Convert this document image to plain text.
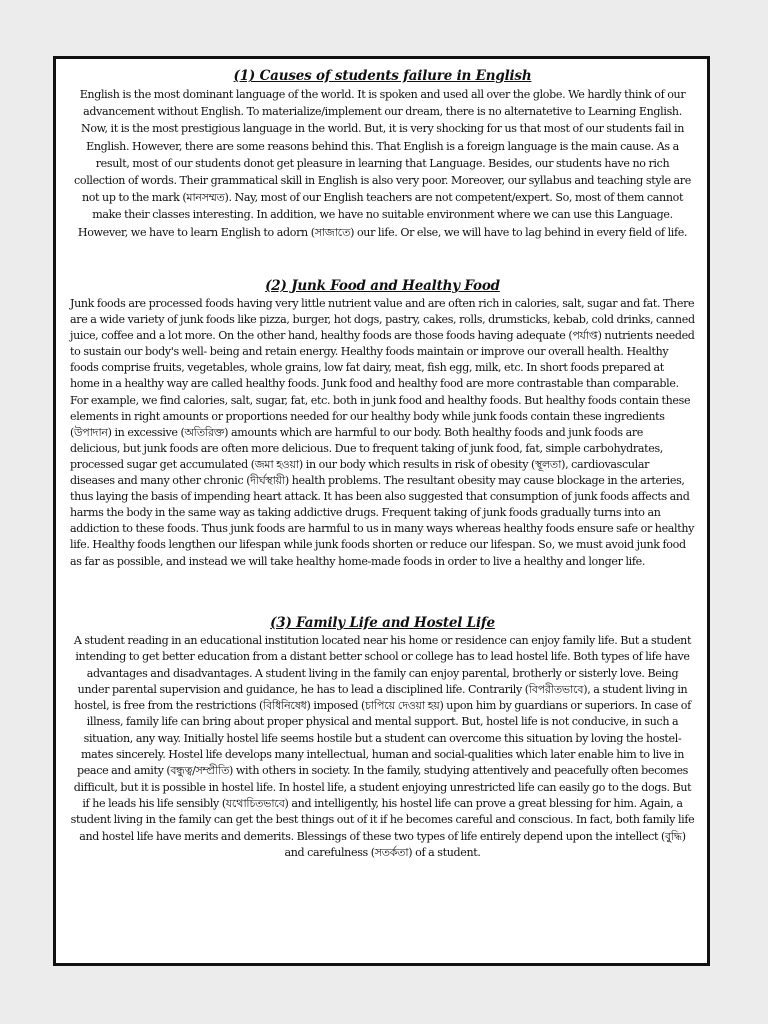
(1) Causes of students failure in English

English is the most dominant language of the world. It is spoken and used all over the globe. We hardly think of our advancement without English. To materialize/implement our dream, there is no alternatetive to Learning English. Now, it is the most prestigious language in the world. But, it is very shocking for us that most of our students fail in English. However, there are some reasons behind this. That English is a foreign language is the main cause. As a result, most of our students donot get pleasure in learning that Language. Besides, our students have no rich collection of words. Their grammatical skill in English is also very poor. Moreover, our syllabus and teaching style are not up to the mark (মানসম্মত). Nay, most of our English teachers are not competent/expert. So, most of them cannot make their classes interesting. In addition, we have no suitable environment where we can use this Language. However, we have to learn English to adorn (সাজাতে) our life. Or else, we will have to lag behind in every field of life.

(2) Junk Food and Healthy Food

Junk foods are processed foods having very little nutrient value and are often rich in calories, salt, sugar and fat. There are a wide variety of junk foods like pizza, burger, hot dogs, pastry, cakes, rolls, drumsticks, kebab, cold drinks, canned juice, coffee and a lot more. On the other hand, healthy foods are those foods having adequate (পর্যাপ্ত) nutrients needed to sustain our body's well- being and retain energy. Healthy foods maintain or improve our overall health. Healthy foods comprise fruits, vegetables, whole grains, low fat dairy, meat, fish egg, milk, etc. In short foods prepared at home in a healthy way are called healthy foods. Junk food and healthy food are more contrastable than comparable. For example, we find calories, salt, sugar, fat, etc. both in junk food and healthy foods. But healthy foods contain these elements in right amounts or proportions needed for our healthy body while junk foods contain these ingredients (উপাদান) in excessive (অতিরিক্ত) amounts which are harmful to our body. Both healthy foods and junk foods are delicious, but junk foods are often more delicious. Due to frequent taking of junk food, fat, simple carbohydrates, processed sugar get accumulated (জমা হওয়া) in our body which results in risk of obesity (স্থূলতা), cardiovascular diseases and many other chronic (দীর্ঘস্থায়ী) health problems. The resultant obesity may cause blockage in the arteries, thus laying the basis of impending heart attack. It has been also suggested that consumption of junk foods affects and harms the body in the same way as taking addictive drugs. Frequent taking of junk foods gradually turns into an addiction to these foods. Thus junk foods are harmful to us in many ways whereas healthy foods ensure safe or healthy life. Healthy foods lengthen our lifespan while junk foods shorten or reduce our lifespan. So, we must avoid junk food as far as possible, and instead we will take healthy home-made foods in order to live a healthy and longer life.

(3) Family Life and Hostel Life

A student reading in an educational institution located near his home or residence can enjoy family life. But a student intending to get better education from a distant better school or college has to lead hostel life. Both types of life have advantages and disadvantages. A student living in the family can enjoy parental, brotherly or sisterly love. Being under parental supervision and guidance, he has to lead a disciplined life. Contrarily (বিপরীতভাবে), a student living in hostel, is free from the restrictions (বিধিনিষেধ) imposed (চাপিয়ে দেওয়া হয়) upon him by guardians or superiors. In case of illness, family life can bring about proper physical and mental support. But, hostel life is not conducive, in such a situation, any way. Initially hostel life seems hostile but a student can overcome this situation by loving the hostel-mates sincerely. Hostel life develops many intellectual, human and social-qualities which later enable him to live in peace and amity (বন্ধুত্ব/সম্প্রীতি) with others in society. In the family, studying attentively and peacefully often becomes difficult, but it is possible in hostel life. In hostel life, a student enjoying unrestricted life can easily go to the dogs. But if he leads his life sensibly (যথোচিতভাবে) and intelligently, his hostel life can prove a great blessing for him. Again, a student living in the family can get the best things out of it if he becomes careful and conscious. In fact, both family life and hostel life have merits and demerits. Blessings of these two types of life entirely depend upon the intellect (বুদ্ধি) and carefulness (সতর্কতা) of a student.
